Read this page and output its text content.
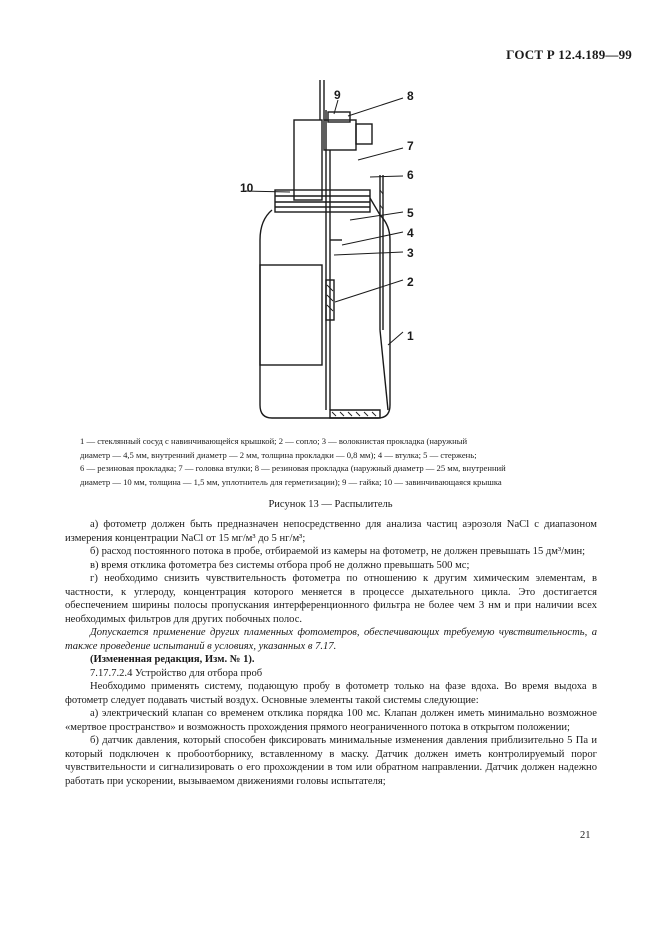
ГОСТ Р 12.4.189—99
1
2
3
4
5
6
7
8
9
10

1 — стеклянный сосуд с навинчивающейся крышкой; 2 — сопло; 3 — волокнистая прокладка (наружный

диаметр — 4,5 мм, внутренний диаметр — 2 мм, толщина прокладки — 0,8 мм); 4 — втулка; 5 — стержень;

6 — резиновая прокладка; 7 — головка втулки; 8 — резиновая прокладка (наружный диаметр — 25 мм, внутренний

диаметр — 10 мм, толщина — 1,5 мм, уплотнитель для герметизации); 9 — гайка; 10 — завинчивающаяся крышка

Рисунок 13 — Распылитель

а) фотометр должен быть предназначен непосредственно для анализа частиц аэрозоля NaCl с диапазоном измерения концентрации NaCl от 15 мг/м³ до 5 нг/м³;

б) расход постоянного потока в пробе, отбираемой из камеры на фотометр, не должен превышать 15 дм³/мин;

в) время отклика фотометра без системы отбора проб не должно превышать 500 мс;

г) необходимо снизить чувствительность фотометра по отношению к другим химическим элементам, в частности, к углероду, концентрация которого меняется в процессе дыхательного цикла. Это достигается обеспечением ширины полосы пропускания интерференционного фильтра не более чем 3 нм и при наличии всех необходимых фильтров для других побочных полос.

Допускается применение других пламенных фотометров, обеспечивающих требуемую чувствительность, а также проведение испытаний в условиях, указанных в 7.17.

(Измененная редакция, Изм. № 1).

7.17.7.2.4 Устройство для отбора проб

Необходимо применять систему, подающую пробу в фотометр только на фазе вдоха. Во время выдоха в фотометр следует подавать чистый воздух. Основные элементы такой системы следующие:

а) электрический клапан со временем отклика порядка 100 мс. Клапан должен иметь минимально возможное «мертвое пространство» и возможность прохождения прямого неограниченного потока в открытом положении;

б) датчик давления, который способен фиксировать минимальные изменения давления приблизительно 5 Па и который подключен к пробоотборнику, вставленному в маску. Датчик должен иметь контролируемый порог чувствительности и сигнализировать о его прохождении в том или обратном направлении. Датчик должен надежно работать при ускорении, вызываемом движениями головы испытателя;

21
